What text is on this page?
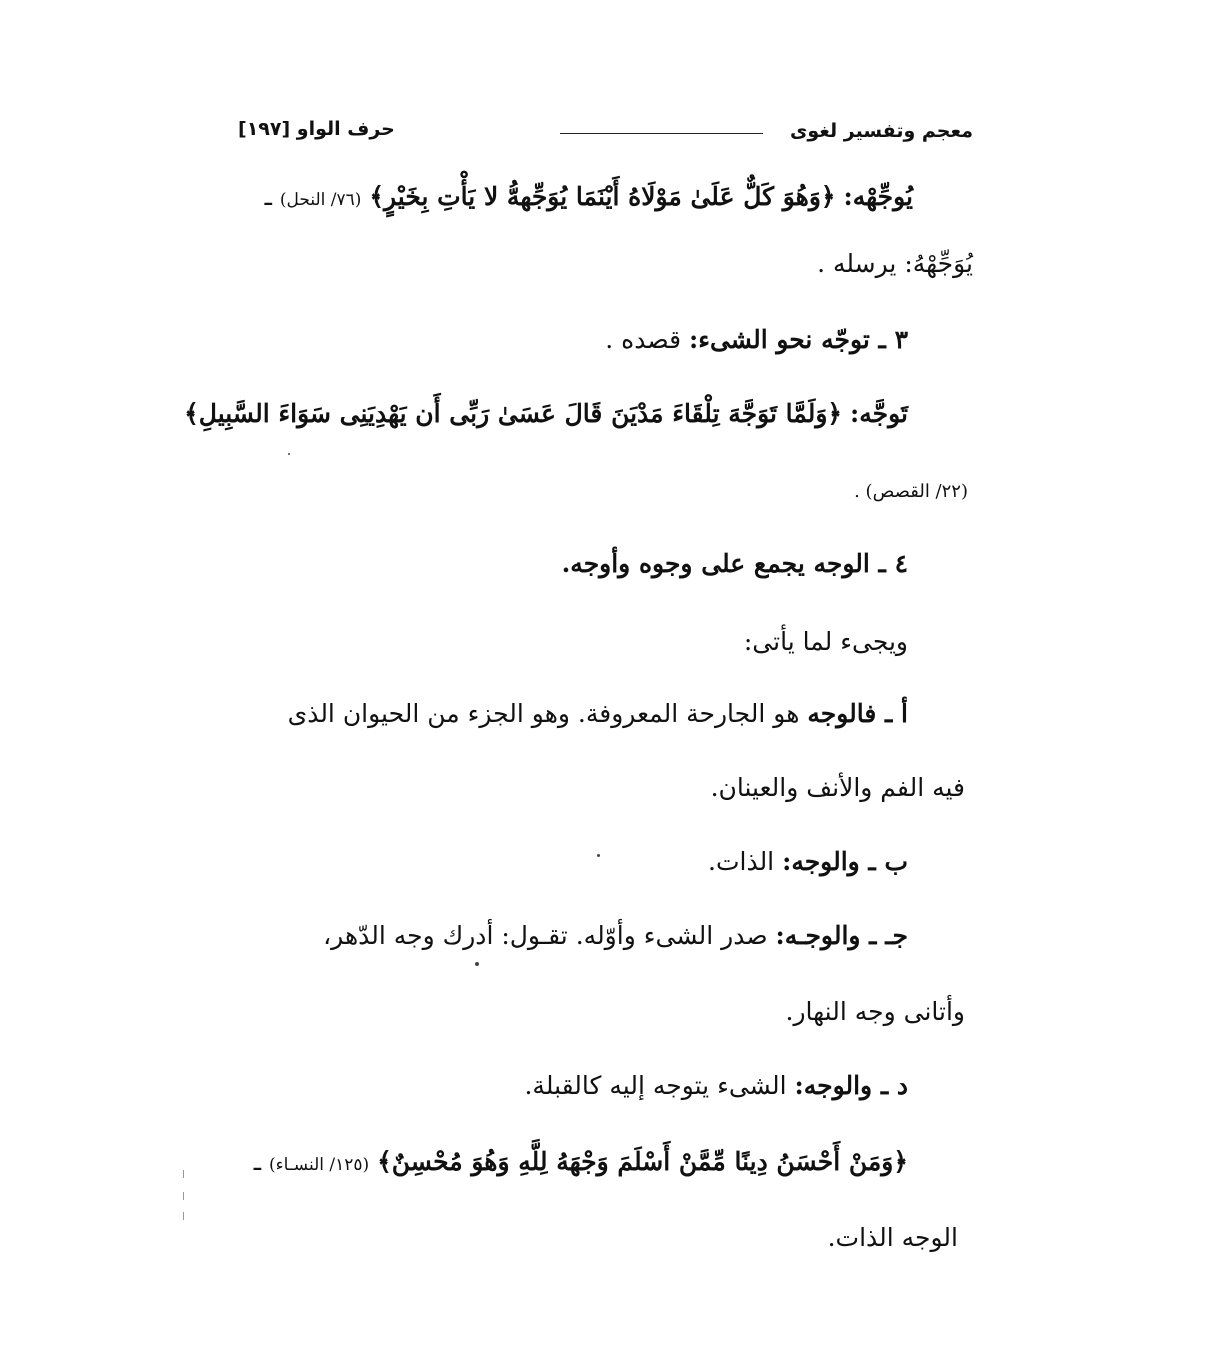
معجم وتفسير لغوى
حرف الواو [١٩٧]
يُوجِّهْه: ﴿وَهُوَ كَلٌّ عَلَىٰ مَوْلَاهُ أَيْنَمَا يُوَجِّههُّ لا يَأْتِ بِخَيْرٍ﴾ (٧٦/ النحل) ـ
يُوَجِّهْهُ: يرسله .
٣ ـ توجّه نحو الشىء: قصده .
تَوجَّه: ﴿وَلَمَّا تَوَجَّهَ تِلْقَاءَ مَدْيَنَ قَالَ عَسَىٰ رَبِّى أَن يَهْدِيَنِى سَوَاءَ السَّبِيلِ﴾
(٢٢/ القصص) .
٤ ـ الوجه يجمع على وجوه وأوجه.
ويجىء لما يأتى:
أ ـ فالوجه هو الجارحة المعروفة. وهو الجزء من الحيوان الذى
فيه الفم والأنف والعينان.
ب ـ والوجه: الذات.
جـ ـ والوجـه: صدر الشىء وأوّله. تقـول: أدرك وجه الدّهر،
وأتانى وجه النهار.
د ـ والوجه: الشىء يتوجه إليه كالقبلة.
﴿وَمَنْ أَحْسَنُ دِينًا مِّمَّنْ أَسْلَمَ وَجْهَهُ لِلَّهِ وَهُوَ مُحْسِنٌ﴾ (١٢٥/ النسـاء) ـ
الوجه الذات.
